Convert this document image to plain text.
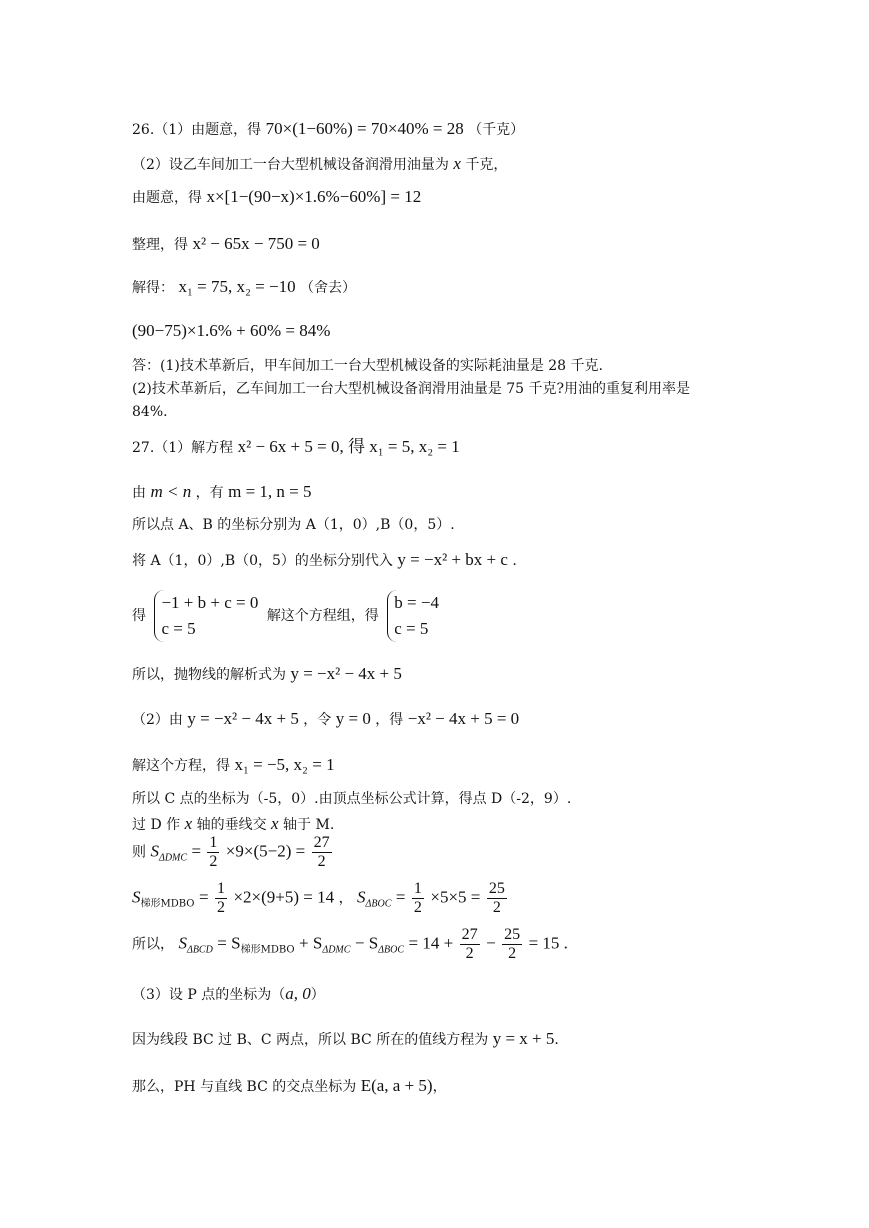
26.（1）由题意，得 70×(1−60%) = 70×40% = 28 （千克）
（2）设乙车间加工一台大型机械设备润滑用油量为 x 千克，
由题意，得 x×[1−(90−x)×1.6%−60%] = 12
整理，得 x² − 65x − 750 = 0
解得： x₁ = 75, x₂ = −10 （舍去）
(90−75)×1.6% + 60% = 84%
答：(1)技术革新后，甲车间加工一台大型机械设备的实际耗油量是 28 千克.
(2)技术革新后，乙车间加工一台大型机械设备润滑用油量是 75 千克?用油的重复利用率是
84%.
27.（1）解方程 x² − 6x + 5 = 0, 得 x₁ = 5, x₂ = 1
由 m < n ，有 m = 1, n = 5
所以点 A、B 的坐标分别为 A（1，0）,B（0，5）.
将 A（1，0）,B（0，5）的坐标分别代入 y = −x² + bx + c .
得
−1 + b + c = 0
c = 5
解这个方程组，得
b = −4
c = 5
所以，抛物线的解析式为 y = −x² − 4x + 5
（2）由 y = −x² − 4x + 5 ，令 y = 0 ，得 −x² − 4x + 5 = 0
解这个方程，得 x₁ = −5, x₂ = 1
所以 C 点的坐标为（-5，0）.由顶点坐标公式计算，得点 D（-2，9）.
过 D 作 x 轴的垂线交 x 轴于 M.
则 $S_{\Delta DMC} = \frac{1}{2} \times 9\times(5-2) = \frac{27}{2}$
$S_{梯形MDBO} = \frac{1}{2} \times 2\times(9+5) = 14$ ， $S_{\Delta BOC} = \frac{1}{2} \times 5\times 5 = \frac{25}{2}$
所以， $S_{\Delta BCD} = S_{梯形MDBO} + S_{\Delta DMC} - S_{\Delta BOC} = 14 + \frac{27}{2} - \frac{25}{2} = 15$ .
（3）设 P 点的坐标为（a, 0）
因为线段 BC 过 B、C 两点，所以 BC 所在的值线方程为 y = x + 5.
那么，PH 与直线 BC 的交点坐标为 E(a, a + 5)，
